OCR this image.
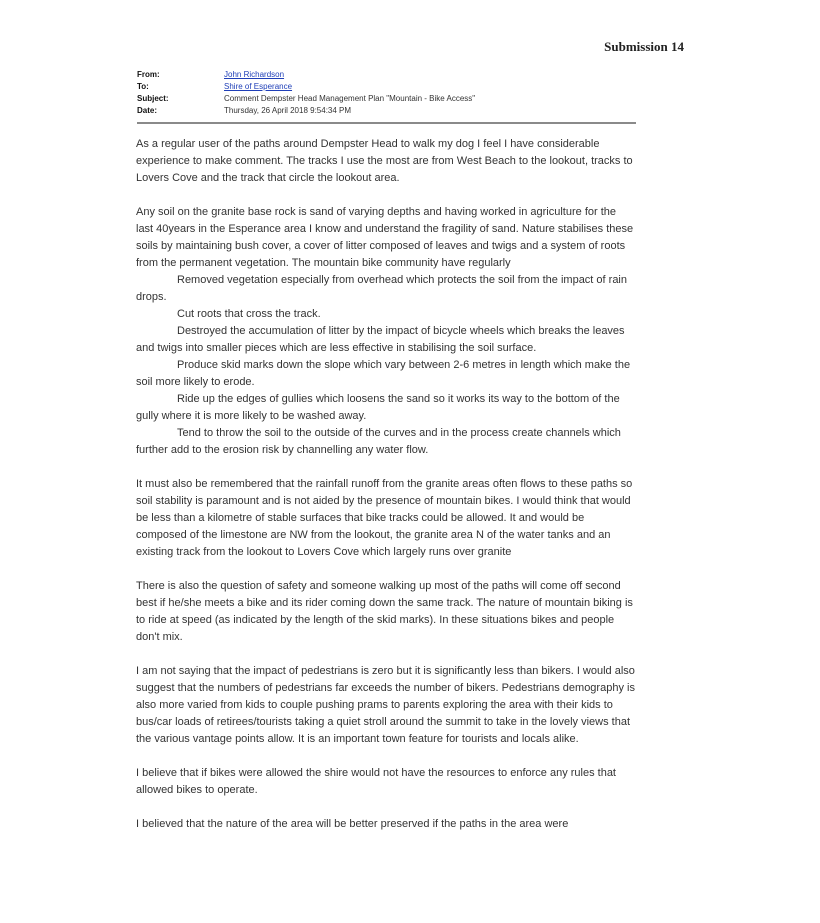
Submission 14
From:	John Richardson
To:	Shire of Esperance
Subject:	Comment Dempster Head Management Plan "Mountain - Bike Access"
Date:	Thursday, 26 April 2018 9:54:34 PM

As a regular user of the paths around Dempster Head to walk my dog I feel I have considerable experience to make comment. The tracks I use the most are from West Beach to the lookout, tracks to Lovers Cove and the track that circle the lookout area.

Any soil on the granite base rock is sand of varying depths and having worked in agriculture for the last 40years in the Esperance area I know and understand the fragility of sand. Nature stabilises these soils by maintaining bush cover, a cover of litter composed of leaves and twigs and a system of roots from the permanent vegetation. The mountain bike community have regularly
Removed vegetation especially from overhead which protects the soil from the impact of rain drops.
Cut roots that cross the track.
Destroyed the accumulation of litter by the impact of bicycle wheels which breaks the leaves and twigs into smaller pieces which are less effective in stabilising the soil surface.
Produce skid marks down the slope which vary between 2-6 metres in length which make the soil more likely to erode.
Ride up the edges of gullies which loosens the sand so it works its way to the bottom of the gully where it is more likely to be washed away.
Tend to throw the soil to the outside of the curves and in the process create channels which further add to the erosion risk by channelling any water flow.

It must also be remembered that the rainfall runoff from the granite areas often flows to these paths so soil stability is paramount and is not aided by the presence of mountain bikes. I would think that would be less than a kilometre of stable surfaces that bike tracks could be allowed. It and would be composed of the limestone are NW from the lookout, the granite area N of the water tanks and an existing track from the lookout to Lovers Cove which largely runs over granite

There is also the question of safety and someone walking up most of the paths will come off second best if he/she meets a bike and its rider coming down the same track. The nature of mountain biking is to ride at speed (as indicated by the length of the skid marks). In these situations bikes and people don't mix.

I am not saying that the impact of pedestrians is zero but it is significantly less than bikers. I would also suggest that the numbers of pedestrians far exceeds the number of bikers. Pedestrians demography is also more varied from kids to couple pushing prams to parents exploring the area with their kids to bus/car loads of retirees/tourists taking a quiet stroll around the summit to take in the lovely views that the various vantage points allow. It is an important town feature for tourists and locals alike.

I believe that if bikes were allowed the shire would not have the resources to enforce any rules that allowed bikes to operate.

I believed that the nature of the area will be better preserved if the paths in the area were
